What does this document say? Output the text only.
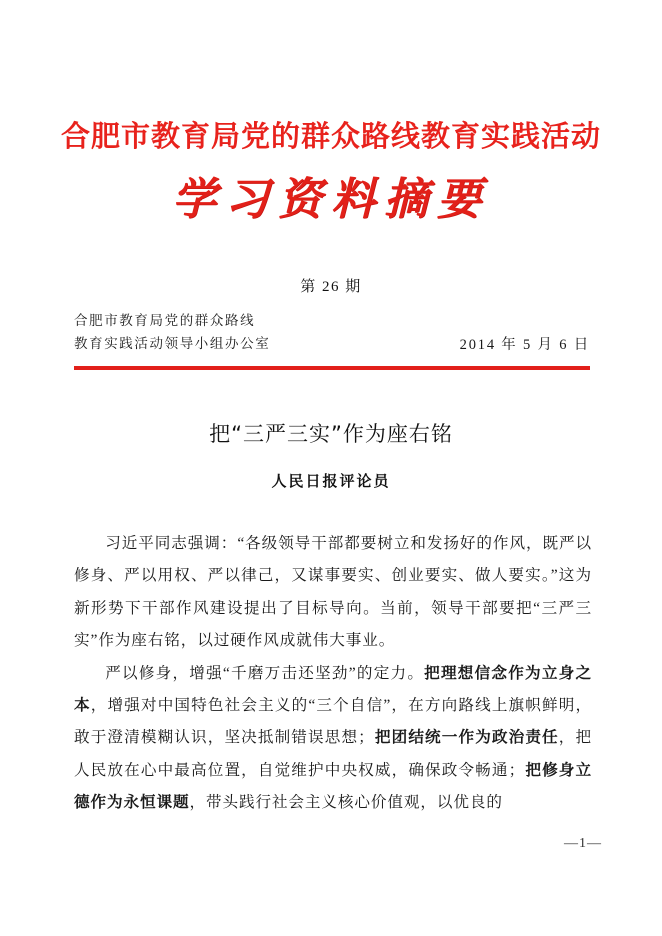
合肥市教育局党的群众路线教育实践活动
学习资料摘要
第 26 期
合肥市教育局党的群众路线
教育实践活动领导小组办公室	2014 年 5 月 6 日
把“三严三实”作为座右铭
人民日报评论员

习近平同志强调：“各级领导干部都要树立和发扬好的作风，既严以修身、严以用权、严以律己，又谋事要实、创业要实、做人要实。”这为新形势下干部作风建设提出了目标导向。当前，领导干部要把“三严三实”作为座右铭，以过硬作风成就伟大事业。

严以修身，增强“千磨万击还坚劲”的定力。把理想信念作为立身之本，增强对中国特色社会主义的“三个自信”，在方向路线上旗帜鲜明，敢于澄清模糊认识，坚决抵制错误思想；把团结统一作为政治责任，把人民放在心中最高位置，自觉维护中央权威，确保政令畅通；把修身立德作为永恒课题，带头践行社会主义核心价值观，以优良的

—1—
